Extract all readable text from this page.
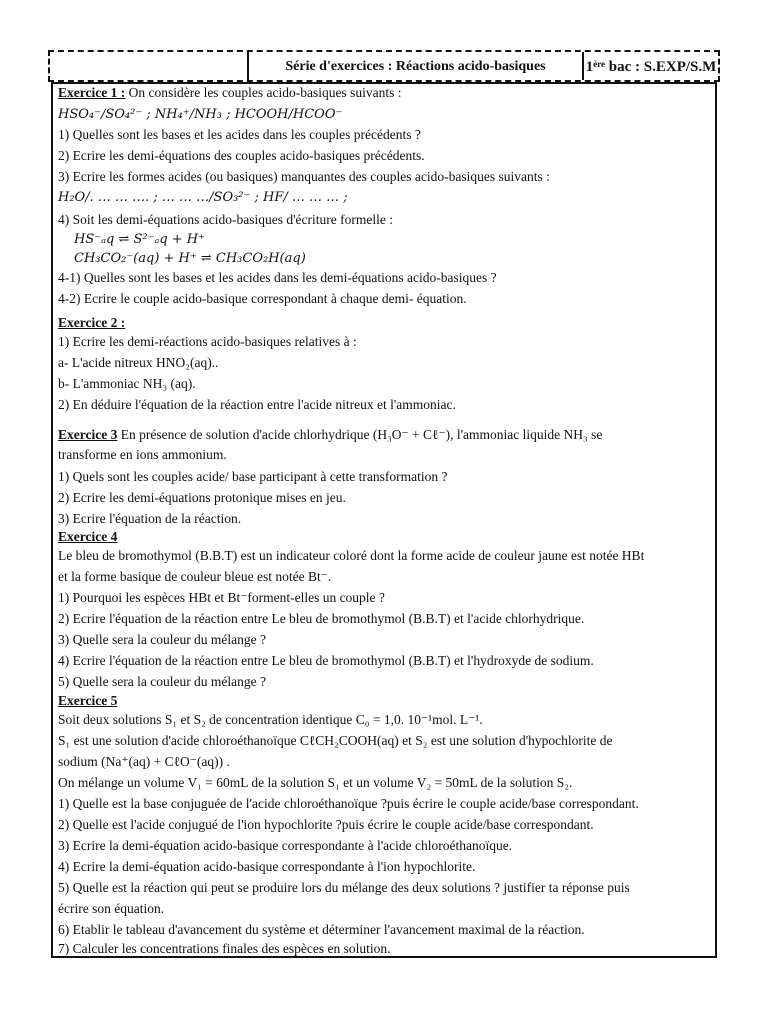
Série d'exercices : Réactions acido-basiques	1ère bac : S.EXP/S.M
Exercice 1 : On considère les couples acido-basiques suivants :
HSO₄⁻/SO₄²⁻ ; NH₄⁺/NH₃ ; HCOOH/HCOO⁻
1) Quelles sont les bases et les acides dans les couples précédents ?
2) Ecrire les demi-équations des couples acido-basiques précédents.
3) Ecrire les formes acides (ou basiques) manquantes des couples acido-basiques suivants :
H₂O/. … … …. ; … … …/SO₃²⁻ ; HF/ … … … ;
4) Soit les demi-équations acido-basiques d'écriture formelle :
HS⁻ₐq ⇌ S²⁻ₐq + H⁺
CH₃CO₂⁻(aq) + H⁺ ⇌ CH₃CO₂H(aq)
4-1) Quelles sont les bases et les acides dans les demi-équations acido-basiques ?
4-2) Ecrire le couple acido-basique correspondant à chaque demi- équation.
Exercice 2 :
1) Ecrire les demi-réactions acido-basiques relatives à :
a- L'acide nitreux HNO₂(aq)..
b- L'ammoniac NH₃ (aq).
2) En déduire l'équation de la réaction entre l'acide nitreux et l'ammoniac.
Exercice 3 En présence de solution d'acide chlorhydrique (H₃O⁻ + Cℓ⁻), l'ammoniac liquide NH₃ se
transforme en ions ammonium.
1) Quels sont les couples acide/ base participant à cette transformation ?
2) Ecrire les demi-équations protonique mises en jeu.
3) Ecrire l'équation de la réaction.
Exercice 4
Le bleu de bromothymol (B.B.T) est un indicateur coloré dont la forme acide de couleur jaune est notée HBt
et la forme basique de couleur bleue est notée Bt⁻.
1) Pourquoi les espèces HBt et Bt⁻forment-elles un couple ?
2) Ecrire l'équation de la réaction entre Le bleu de bromothymol (B.B.T) et l'acide chlorhydrique.
3) Quelle sera la couleur du mélange ?
4) Ecrire l'équation de la réaction entre Le bleu de bromothymol (B.B.T) et l'hydroxyde de sodium.
5) Quelle sera la couleur du mélange ?
Exercice 5
Soit deux solutions S₁ et S₂ de concentration identique C₀ = 1,0. 10⁻¹mol. L⁻¹.
S₁ est une solution d'acide chloroéthanoïque CℓCH₂COOH(aq) et S₂ est une solution d'hypochlorite de
sodium (Na⁺(aq) + CℓO⁻(aq)) .
On mélange un volume V₁ = 60mL de la solution S₁ et un volume V₂ = 50mL de la solution S₂.
1) Quelle est la base conjuguée de l'acide chloroéthanoïque ?puis écrire le couple acide/base correspondant.
2) Quelle est l'acide conjugué de l'ion hypochlorite ?puis écrire le couple acide/base correspondant.
3) Ecrire la demi-équation acido-basique correspondante à l'acide chloroéthanoïque.
4) Ecrire la demi-équation acido-basique correspondante à l'ion hypochlorite.
5) Quelle est la réaction qui peut se produire lors du mélange des deux solutions ? justifier ta réponse puis
écrire son équation.
6) Etablir le tableau d'avancement du système et déterminer l'avancement maximal de la réaction.
7) Calculer les concentrations finales des espèces en solution.
